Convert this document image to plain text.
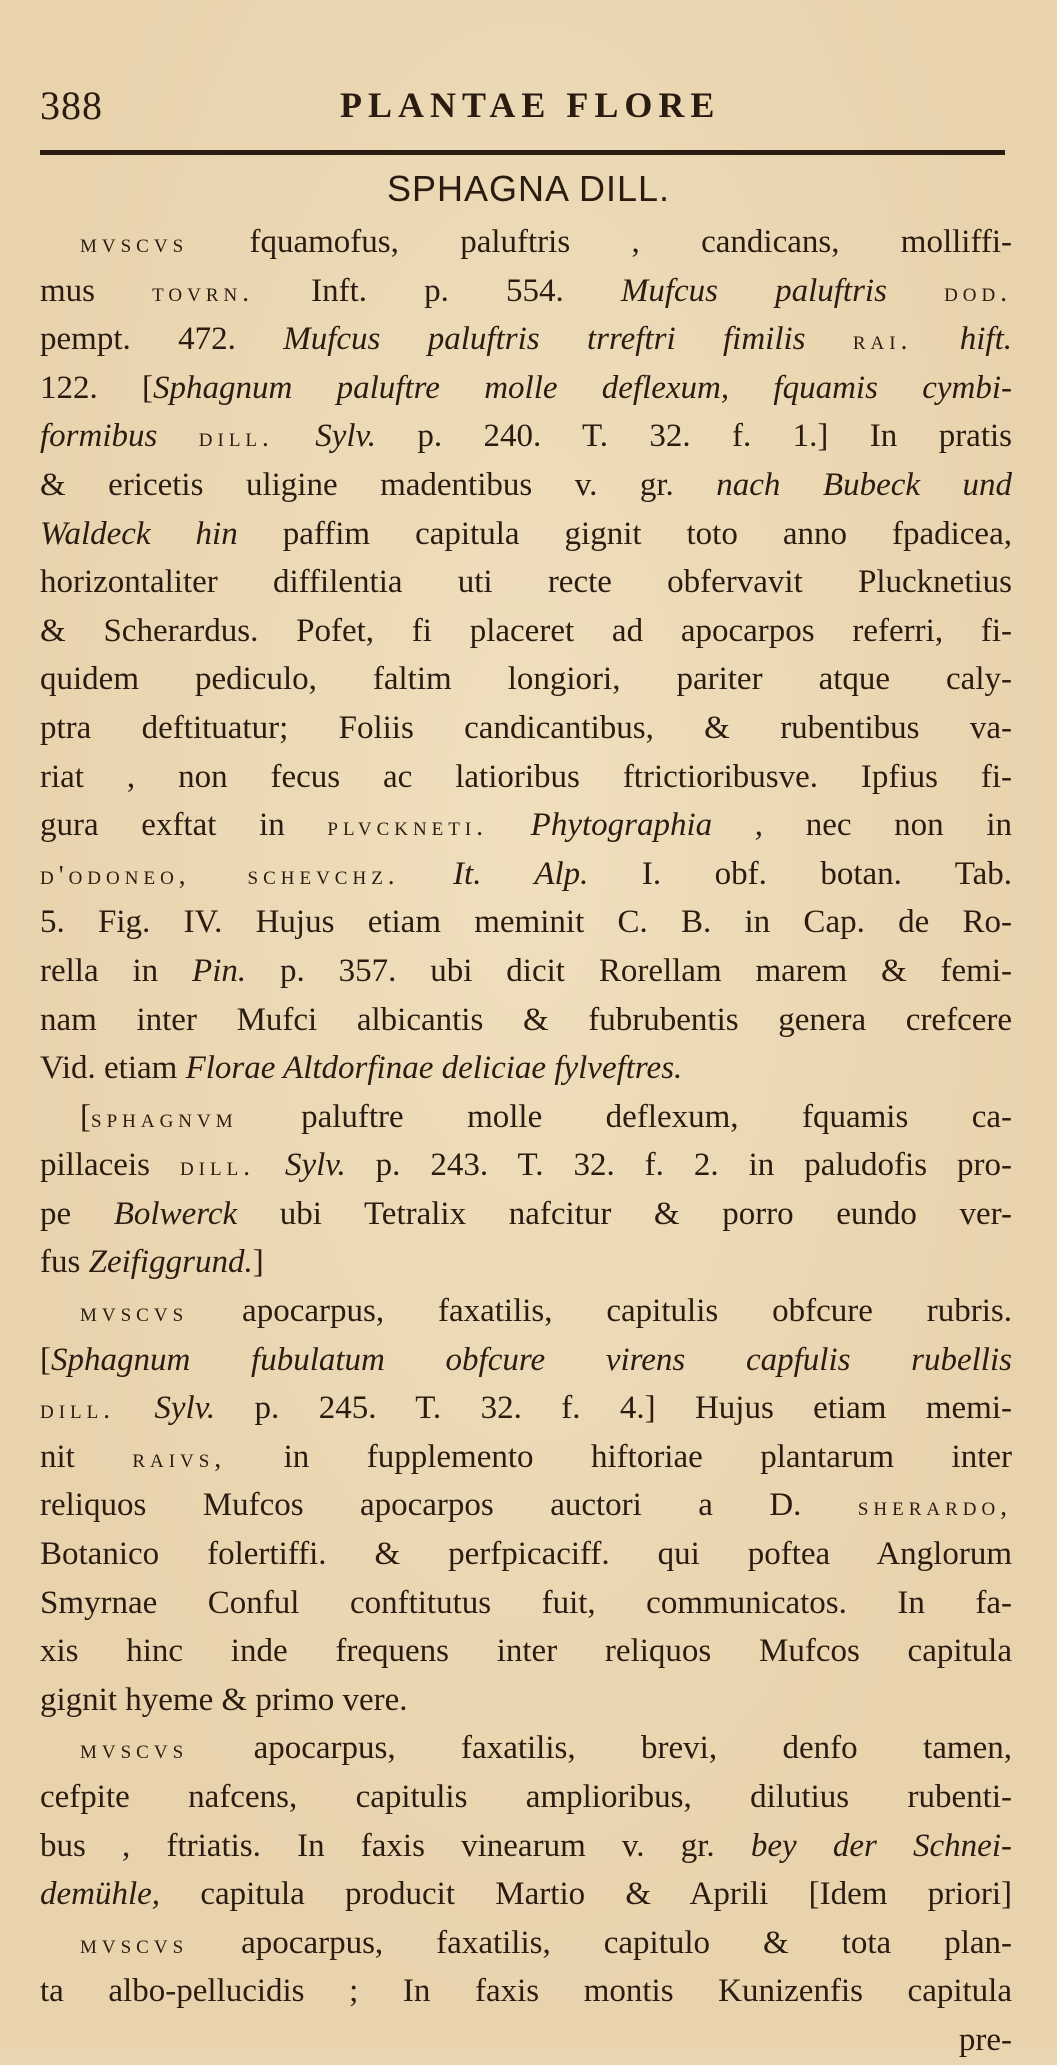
388	PLANTAE FLORE
SPHAGNA DILL.
mvscvs fquamofus, paluftris , candicans, molliffi-
mus tovrn. Inft. p. 554. Mufcus paluftris dod.
pempt. 472. Mufcus paluftris trreftri fimilis rai. hift.
122. [Sphagnum paluftre molle deflexum, fquamis cymbi-
formibus dill. Sylv. p. 240. T. 32. f. 1.] In pratis
& ericetis uligine madentibus v. gr. nach Bubeck und
Waldeck hin paffim capitula gignit toto anno fpadicea,
horizontaliter diffilentia uti recte obfervavit Plucknetius
& Scherardus. Pofet, fi placeret ad apocarpos referri, fi-
quidem pediculo, faltim longiori, pariter atque caly-
ptra deftituatur; Foliis candicantibus, & rubentibus va-
riat , non fecus ac latioribus ftrictioribusve. Ipfius fi-
gura exftat in plvckneti. Phytographia , nec non in
d'odoneo, schevchz. It. Alp. I. obf. botan. Tab.
5. Fig. IV. Hujus etiam meminit C. B. in Cap. de Ro-
rella in Pin. p. 357. ubi dicit Rorellam marem & femi-
nam inter Mufci albicantis & fubrubentis genera crefcere
Vid. etiam Florae Altdorfinae deliciae fylveftres.
[sphagnvm paluftre molle deflexum, fquamis ca-
pillaceis dill. Sylv. p. 243. T. 32. f. 2. in paludofis pro-
pe Bolwerck ubi Tetralix nafcitur & porro eundo ver-
fus Zeifiggrund.]
mvscvs apocarpus, faxatilis, capitulis obfcure rubris.
[Sphagnum fubulatum obfcure virens capfulis rubellis
dill. Sylv. p. 245. T. 32. f. 4.] Hujus etiam memi-
nit raivs, in fupplemento hiftoriae plantarum inter
reliquos Mufcos apocarpos auctori a D. sherardo,
Botanico folertiffi. & perfpicaciff. qui poftea Anglorum
Smyrnae Conful conftitutus fuit, communicatos. In fa-
xis hinc inde frequens inter reliquos Mufcos capitula
gignit hyeme & primo vere.
mvscvs apocarpus, faxatilis, brevi, denfo tamen,
cefpite nafcens, capitulis amplioribus, dilutius rubenti-
bus , ftriatis. In faxis vinearum v. gr. bey der Schnei-
demühle, capitula producit Martio & Aprili [Idem priori]
mvscvs apocarpus, faxatilis, capitulo & tota plan-
ta albo-pellucidis ; In faxis montis Kunizenfis capitula
pre-
